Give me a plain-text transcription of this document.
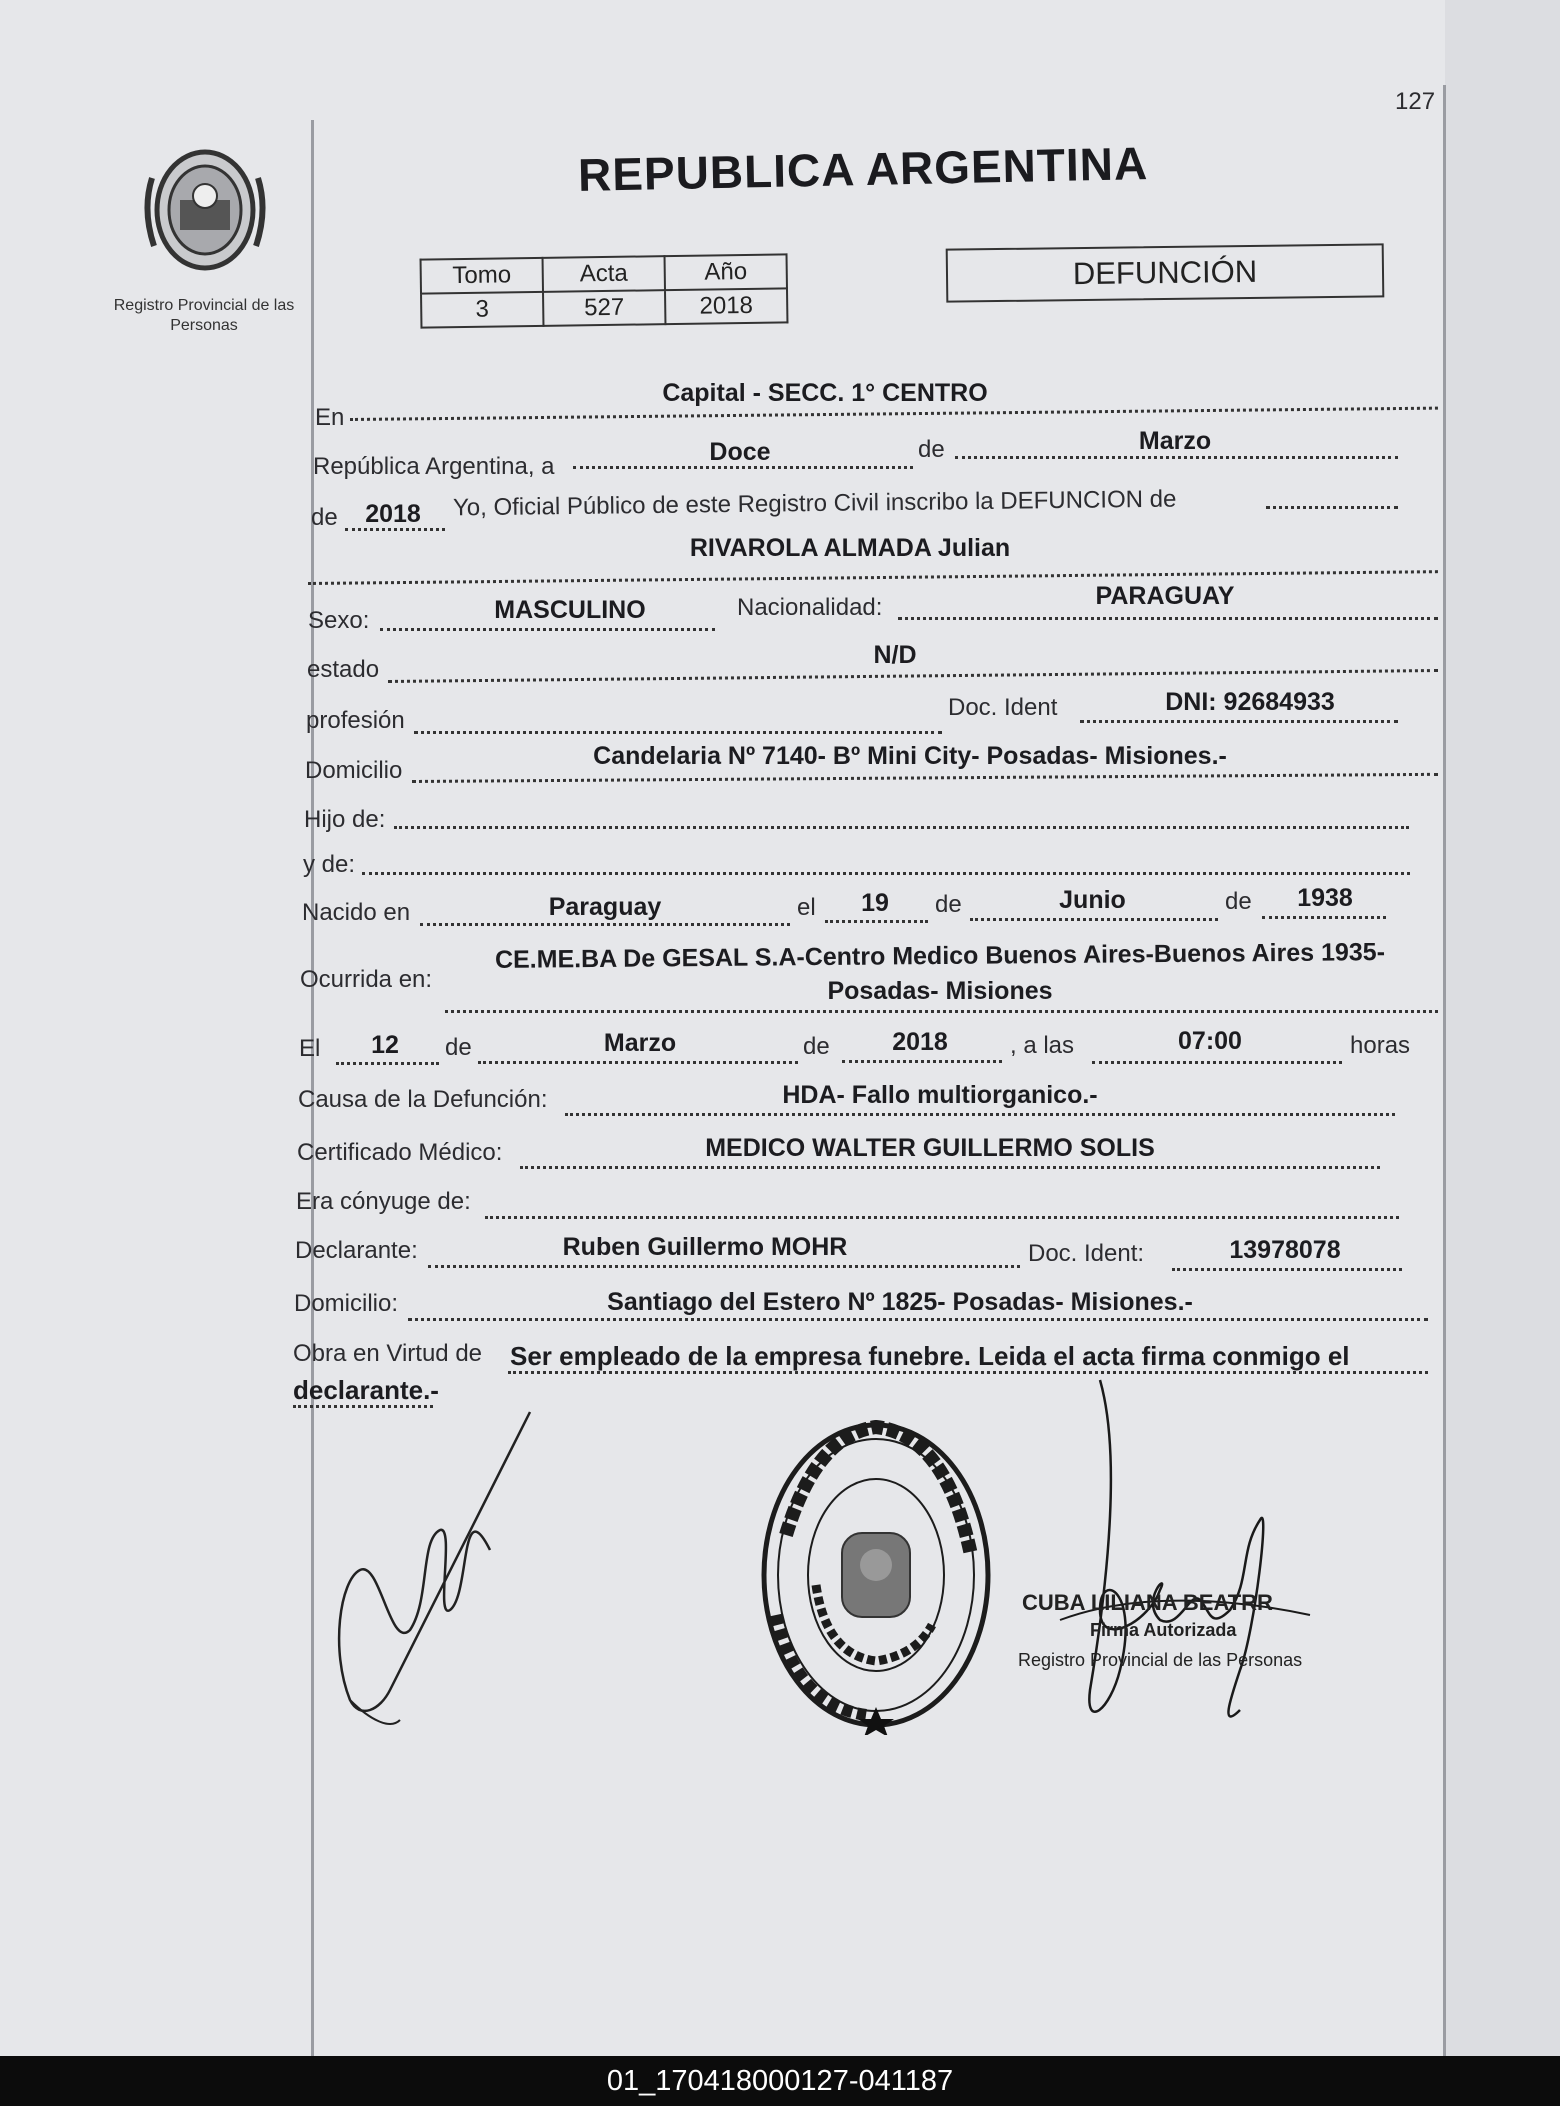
127
Registro Provincial de las Personas
REPUBLICA ARGENTINA
Tomo	Acta	Año
3	527	2018
DEFUNCIÓN
En
Capital - SECC. 1° CENTRO
República Argentina, a
Doce	de	Marzo
de	2018	Yo, Oficial Público de este Registro Civil inscribo la DEFUNCION de
RIVAROLA ALMADA Julian
Sexo:	MASCULINO	Nacionalidad:	PARAGUAY
estado
N/D
profesión	Doc. Ident	DNI: 92684933
Domicilio
Candelaria Nº 7140- Bº Mini City- Posadas- Misiones.-
Hijo de:
y de:
Nacido en	Paraguay	el	19	de	Junio	de	1938
Ocurrida en:
CE.ME.BA De GESAL S.A-Centro Medico Buenos Aires-Buenos Aires 1935-
Posadas- Misiones
El	12	de	Marzo	de	2018	, a las	07:00	horas
Causa de la Defunción:	HDA- Fallo multiorganico.-
Certificado Médico:	MEDICO WALTER GUILLERMO SOLIS
Era cónyuge de:
Declarante:	Ruben Guillermo MOHR	Doc. Ident:	13978078
Domicilio:	Santiago del Estero Nº 1825- Posadas- Misiones.-
Obra en Virtud de Ser empleado de la empresa funebre. Leida el acta firma conmigo el
declarante.-
CUBA LILIANA BEATRR
Firma Autorizada
Registro Provincial de las Personas
01_170418000127-041187
